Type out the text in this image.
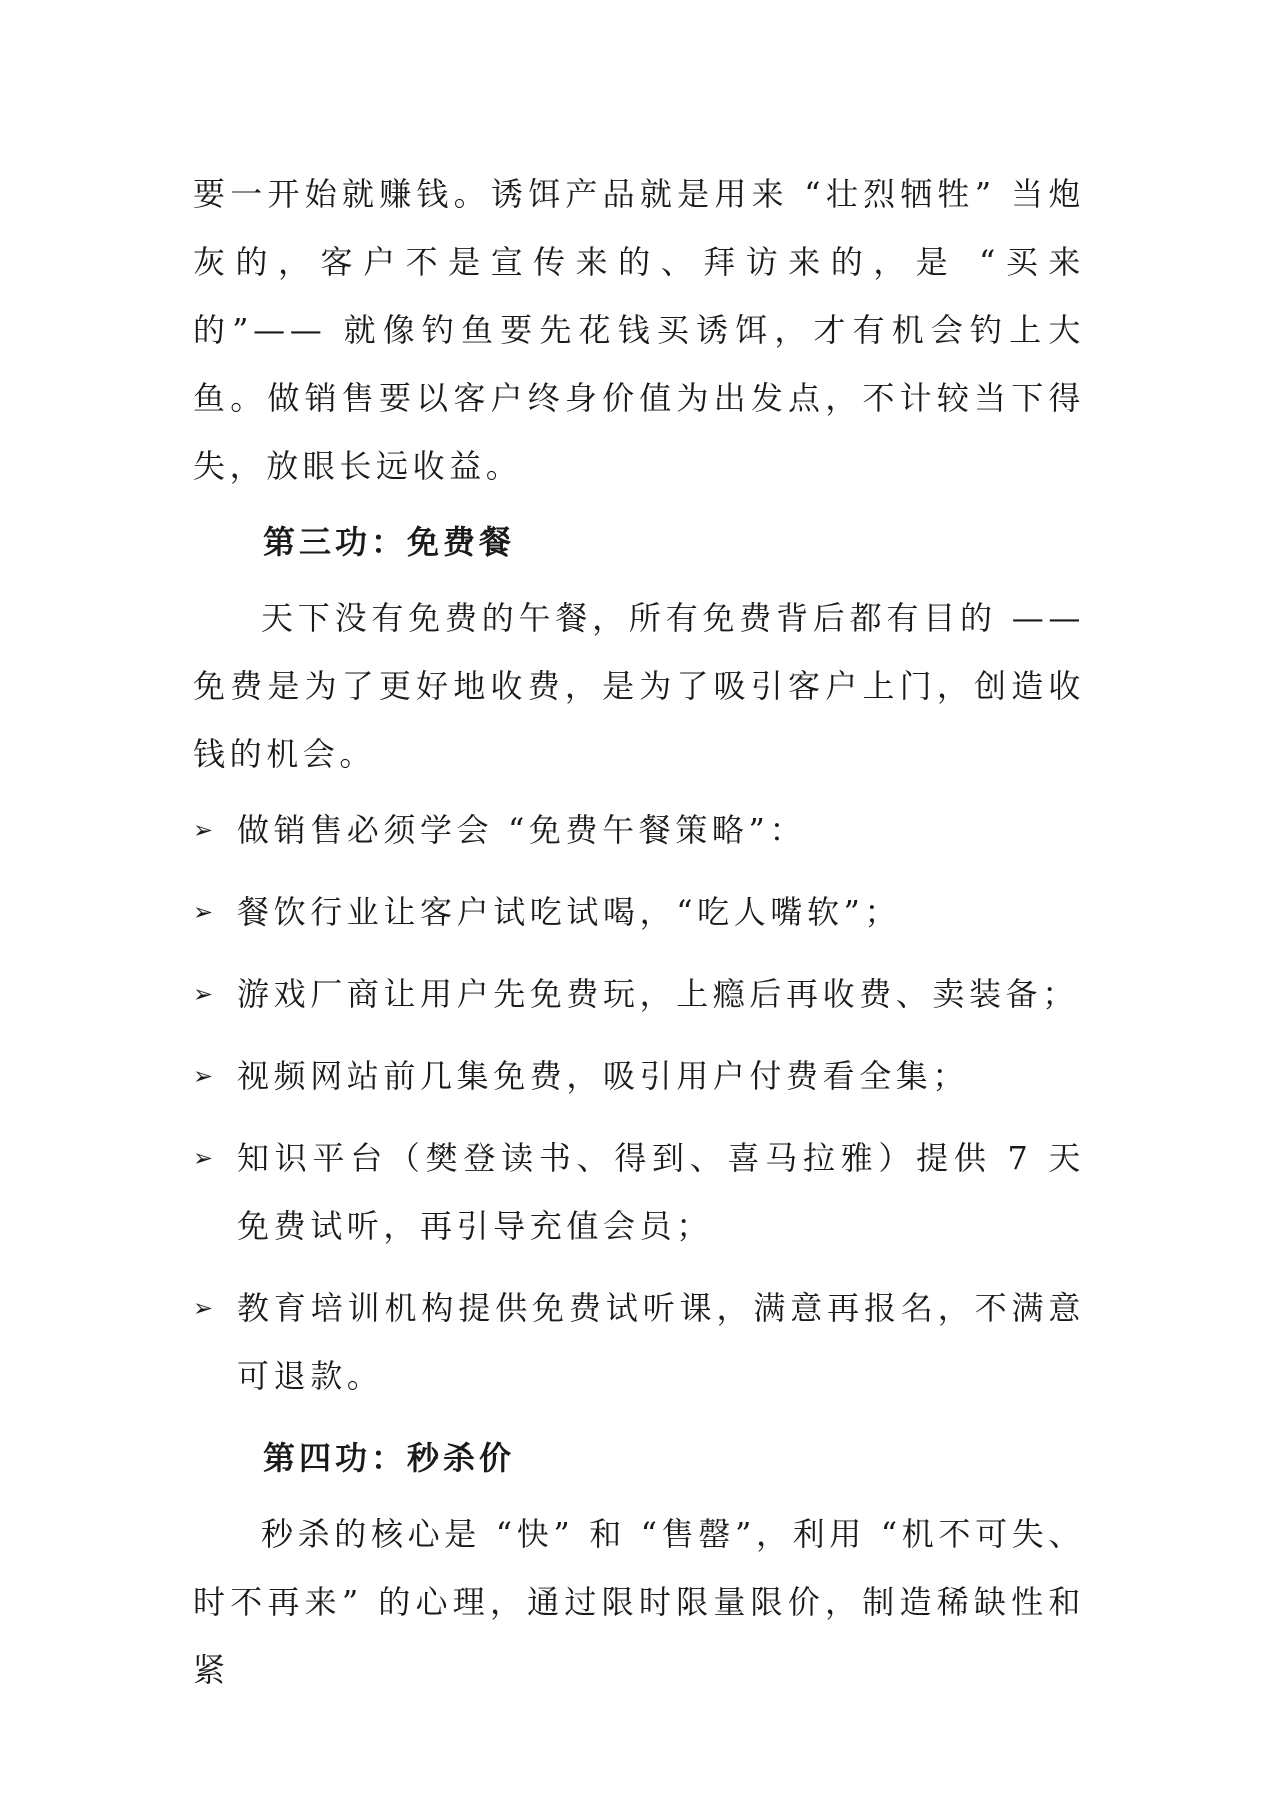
要一开始就赚钱。诱饵产品就是用来 “壮烈牺牲” 当炮灰的，客户不是宣传来的、拜访来的，是 “买来的”—— 就像钓鱼要先花钱买诱饵，才有机会钓上大鱼。做销售要以客户终身价值为出发点，不计较当下得失，放眼长远收益。

第三功：免费餐

天下没有免费的午餐，所有免费背后都有目的 —— 免费是为了更好地收费，是为了吸引客户上门，创造收钱的机会。

➢ 做销售必须学会 “免费午餐策略”：
➢ 餐饮行业让客户试吃试喝，“吃人嘴软”；
➢ 游戏厂商让用户先免费玩，上瘾后再收费、卖装备；
➢ 视频网站前几集免费，吸引用户付费看全集；
➢ 知识平台（樊登读书、得到、喜马拉雅）提供 7 天免费试听，再引导充值会员；
➢ 教育培训机构提供免费试听课，满意再报名，不满意可退款。
第四功：秒杀价

秒杀的核心是 “快” 和 “售罄”，利用 “机不可失、时不再来” 的心理，通过限时限量限价，制造稀缺性和紧
